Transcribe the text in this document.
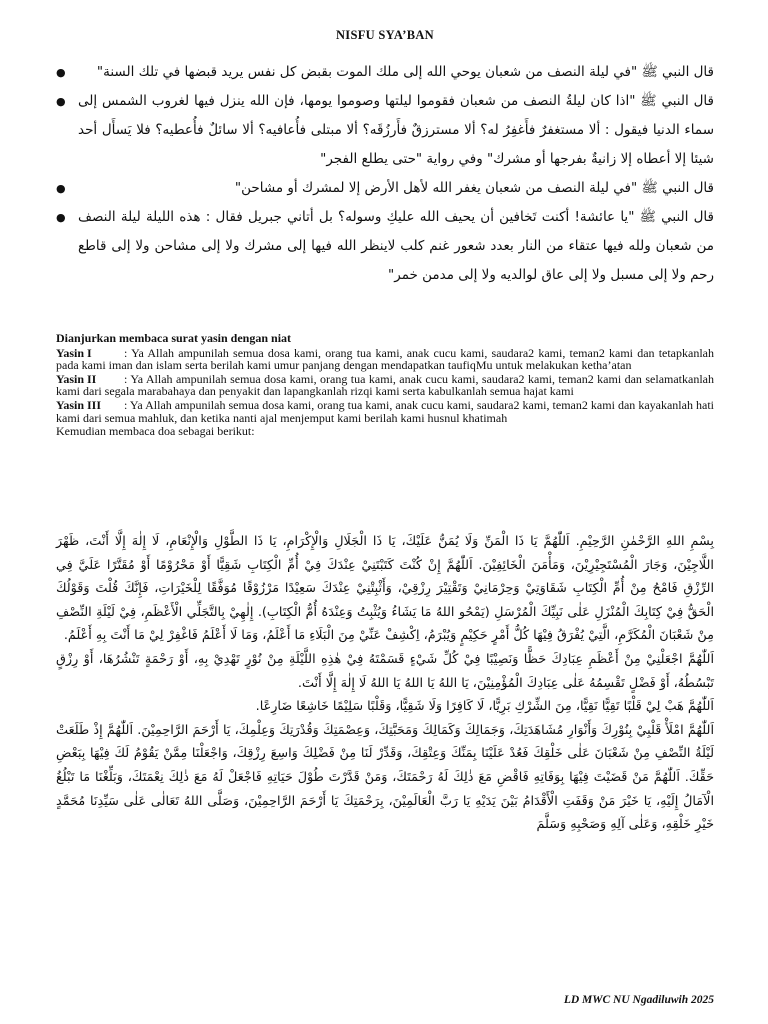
NISFU SYA’BAN
● قال النبي ﷺ "في ليلة النصف من شعبان يوحي الله إلى ملك الموت بقبض كل نفس يريد قبضها في تلك السنة"
● قال النبي ﷺ "اذا كان ليلةُ النصف من شعبان فقوموا ليلتها وصوموا يومها، فإن الله ينزل فيها لغروب الشمس إلى سماء الدنيا فيقول : ألا مستغفرٌ فأَغفِرُ له؟ ألا مسترزقٌ فأَرزُقَه؟ ألا مبتلى فأُعافيه؟ ألا سائلٌ فأُعطيه؟ فلا يَسأَل أحد شيئا إلا أعطاه إلا زانيةٌ بفرجها أو مشرك" وفي رواية "حتى يطلع الفجر"
●	قال النبي ﷺ "في ليلة النصف من شعبان يغفر الله لأهل الأرض إلا لمشرك أو مشاحن"
● قال النبي ﷺ "يا عائشة! أكنت تَخافين أن يحيف الله عليكِ وسوله؟ بل أتاني جبريل فقال : هذه الليلة ليلة النصف من شعبان ولله فيها عتقاء من النار بعدد شعور غنم كلب لاينظر الله فيها إلى مشرك ولا إلى مشاحن ولا إلى قاطع رحم ولا إلى مسبل ولا إلى عاق لوالديه ولا إلى مدمن خمر"
Dianjurkan membaca surat yasin dengan niat
Yasin I	: Ya Allah ampunilah semua dosa kami, orang tua kami, anak cucu kami, saudara2 kami, teman2 kami dan tetapkanlah pada kami iman dan islam serta berilah kami umur panjang dengan mendapatkan taufiqMu untuk melakukan ketha’atan
Yasin II : Ya Allah ampunilah semua dosa kami, orang tua kami, anak cucu kami, saudara2 kami, teman2 kami dan selamatkanlah kami dari segala marabahaya dan penyakit dan lapangkanlah rizqi kami serta kabulkanlah semua hajat kami
Yasin III : Ya Allah ampunilah semua dosa kami, orang tua kami, anak cucu kami, saudara2 kami, teman2 kami dan kayakanlah hati kami dari semua mahluk, dan ketika nanti ajal menjemput kami berilah kami husnul khatimah
Kemudian membaca doa sebagai berikut:

بِسْمِ اللهِ الرَّحْمٰنِ الرَّحِيْمِ. اَللّٰهُمَّ يَا ذَا الْمَنِّ وَلَا يُمَنُّ عَلَيْكَ، يَا ذَا الْجَلَالِ وَالْإِكْرَامِ، يَا ذَا الطَّوْلِ وَالْإِنْعَامِ، لَا إِلٰهَ إِلَّا أَنْتَ، ظَهْرَ اللَّاجِيْنَ، وَجَارَ الْمُسْتَجِيْرِيْنَ، وَمَأْمَنَ الْخَائِفِيْنَ. اَللّٰهُمَّ إِنْ كُنْتَ كَتَبْتَنِيْ عِنْدَكَ فِيْ أُمِّ الْكِتَابِ شَقِيًّا أَوْ مَحْرُوْمًا أَوْ مُقَتَّرًا عَلَيَّ فِي الرِّزْقِ فَامْحُ مِنْ أُمِّ الْكِتَابِ شَقَاوَتِيْ وَحِرْمَانِيْ وَتَقْتِيْرَ رِزْقِيْ، وَأَثْبِتْنِيْ عِنْدَكَ سَعِيْدًا مَرْزُوْقًا مُوَفَّقًا لِلْخَيْرَاتِ، فَإِنَّكَ قُلْتَ وَقَوْلُكَ الْحَقُّ فِيْ كِتَابِكَ الْمُنْزَلِ عَلٰى نَبِيِّكَ الْمُرْسَلِ (يَمْحُو اللهُ مَا يَشَاءُ وَيُثْبِتُ وَعِنْدَهُ أُمُّ الْكِتَابِ). إِلٰهِيْ بِالتَّجَلِّي الْأَعْظَمِ، فِيْ لَيْلَةِ النِّصْفِ مِنْ شَعْبَانَ الْمُكَرَّمِ، الَّتِيْ يُفْرَقُ فِيْهَا كُلُّ أَمْرٍ حَكِيْمٍ وَيُبْرَمُ، اِكْشِفْ عَنِّيْ مِنَ الْبَلَاءِ مَا أَعْلَمُ، وَمَا لَا أَعْلَمُ فَاغْفِرْ لِيْ مَا أَنْتَ بِهِ أَعْلَمُ.

اَللّٰهُمَّ اجْعَلْنِيْ مِنْ أَعْظَمِ عِبَادِكَ حَظًّا وَنَصِيْبًا فِيْ كُلِّ شَيْءٍ قَسَمْتَهُ فِيْ هٰذِهِ اللَّيْلَةِ مِنْ نُوْرٍ تَهْدِيْ بِهِ، أَوْ رَحْمَةٍ تَنْشُرُهَا، أَوْ رِزْقٍ تَبْسُطُهُ، أَوْ فَضْلٍ تَقْسِمُهُ عَلٰى عِبَادِكَ الْمُؤْمِنِيْنَ، يَا اللهُ يَا اللهُ يَا اللهُ لَا إِلٰهَ إِلَّا أَنْتَ.

اَللّٰهُمَّ هَبْ لِيْ قَلْبًا تَقِيًّا نَقِيًّا، مِنَ الشِّرْكِ بَرِيًّا، لَا كَافِرًا وَلَا شَقِيًّا، وَقَلْبًا سَلِيْمًا خَاشِعًا ضَارِعًا.

اَللّٰهُمَّ امْلَأْ قَلْبِيْ بِنُوْرِكَ وَأَنْوَارِ مُشَاهَدَتِكَ، وَجَمَالِكَ وَكَمَالِكَ وَمَحَبَّتِكَ، وَعِصْمَتِكَ وَقُدْرَتِكَ وَعِلْمِكَ، يَا أَرْحَمَ الرَّاحِمِيْنَ. اَللّٰهُمَّ إِذْ طَلَعَتْ لَيْلَةُ النِّصْفِ مِنْ شَعْبَانَ عَلٰى خَلْقِكَ فَعُدْ عَلَيْنَا بِمَنِّكَ وَعِتْقِكَ، وَقَدِّرْ لَنَا مِنْ فَضْلِكَ وَاسِعَ رِزْقِكَ، وَاجْعَلْنَا مِمَّنْ يَقُوْمُ لَكَ فِيْهَا بِبَعْضِ حَقِّكَ. اَللّٰهُمَّ مَنْ قَضَيْتَ فِيْهَا بِوَفَاتِهِ فَاقْضِ مَعَ ذٰلِكَ لَهُ رَحْمَتَكَ، وَمَنْ قَدَّرْتَ طُوْلَ حَيَاتِهِ فَاجْعَلْ لَهُ مَعَ ذٰلِكَ نِعْمَتَكَ، وَبَلِّغْنَا مَا تَبْلُغُ الْآمَالُ إِلَيْهِ، يَا خَيْرَ مَنْ وَقَفَتِ الْأَقْدَامُ بَيْنَ يَدَيْهِ يَا رَبَّ الْعَالَمِيْنَ، بِرَحْمَتِكَ يَا أَرْحَمَ الرَّاحِمِيْنَ، وَصَلَّى اللهُ تَعَالٰى عَلٰى سَيِّدِنَا مُحَمَّدٍ خَيْرِ خَلْقِهِ، وَعَلٰى آلِهِ وَصَحْبِهِ وَسَلَّمَ

LD MWC NU Ngadiluwih 2025
